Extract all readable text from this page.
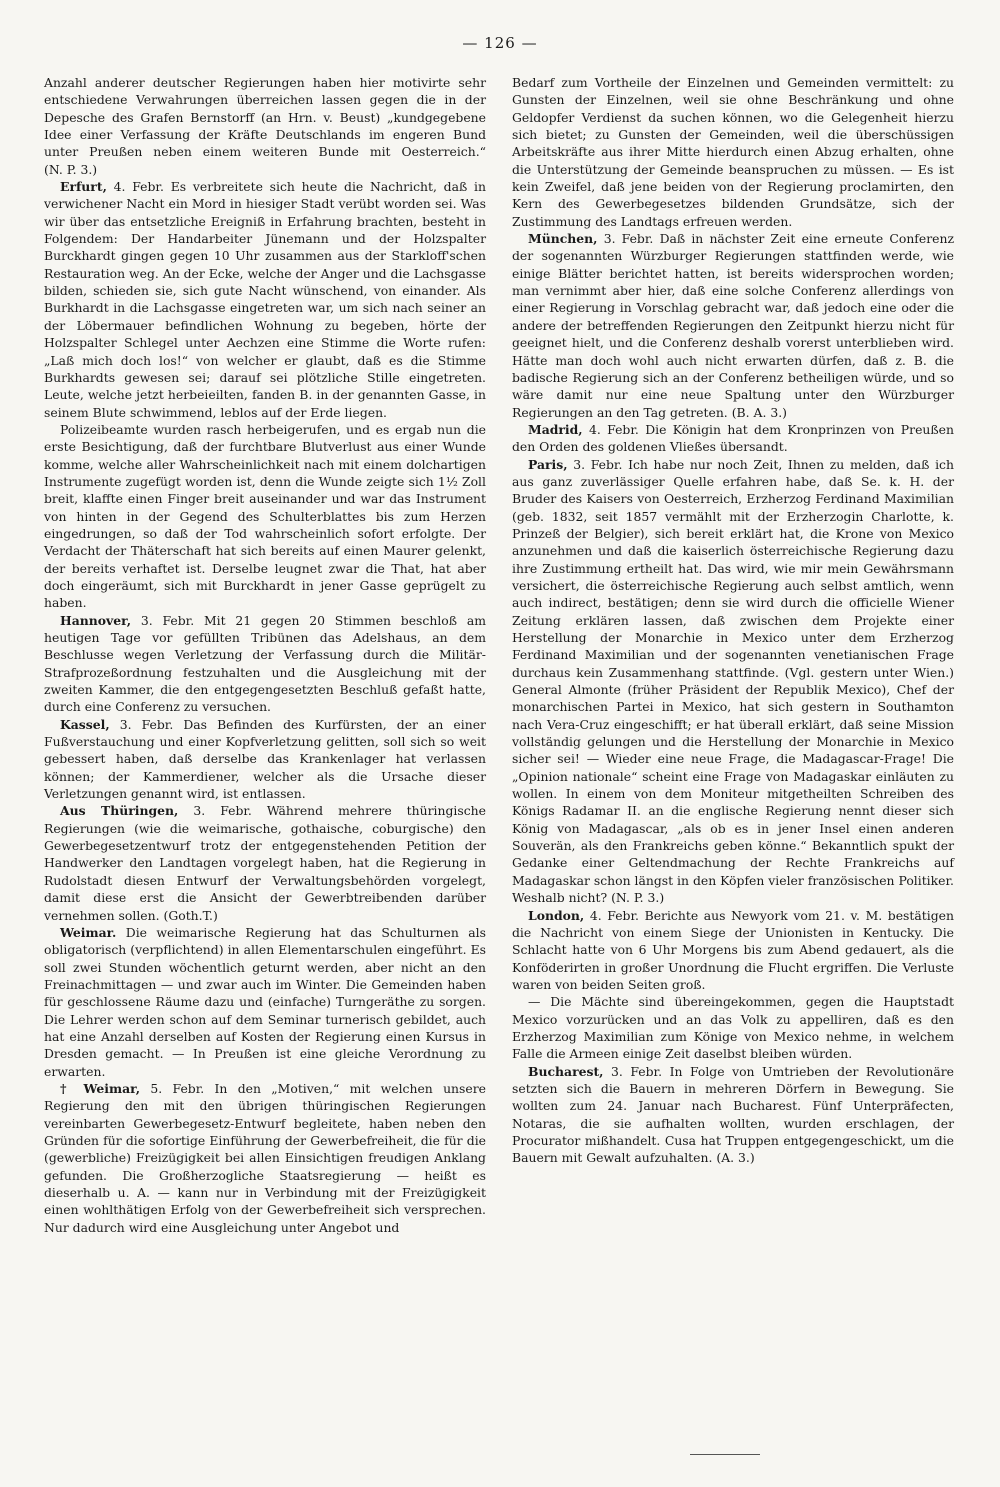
— 126 —

Anzahl anderer deutscher Regierungen haben hier motivirte sehr entschiedene Verwahrungen überreichen lassen gegen die in der Depesche des Grafen Bernstorff (an Hrn. v. Beust) „kundgegebene Idee einer Verfassung der Kräfte Deutschlands im engeren Bund unter Preußen neben einem weiteren Bunde mit Oesterreich.“ (N. P. 3.)

Erfurt, 4. Febr. Es verbreitete sich heute die Nachricht, daß in verwichener Nacht ein Mord in hiesiger Stadt verübt worden sei. Was wir über das entsetzliche Ereigniß in Erfahrung brachten, besteht in Folgendem: Der Handarbeiter Jünemann und der Holzspalter Burckhardt gingen gegen 10 Uhr zusammen aus der Starkloff'schen Restauration weg. An der Ecke, welche der Anger und die Lachsgasse bilden, schieden sie, sich gute Nacht wünschend, von einander. Als Burkhardt in die Lachsgasse eingetreten war, um sich nach seiner an der Löbermauer befindlichen Wohnung zu begeben, hörte der Holzspalter Schlegel unter Aechzen eine Stimme die Worte rufen: „Laß mich doch los!“ von welcher er glaubt, daß es die Stimme Burkhardts gewesen sei; darauf sei plötzliche Stille eingetreten. Leute, welche jetzt herbeieilten, fanden B. in der genannten Gasse, in seinem Blute schwimmend, leblos auf der Erde liegen.

Polizeibeamte wurden rasch herbeigerufen, und es ergab nun die erste Besichtigung, daß der furchtbare Blutverlust aus einer Wunde komme, welche aller Wahrscheinlichkeit nach mit einem dolchartigen Instrumente zugefügt worden ist, denn die Wunde zeigte sich 1½ Zoll breit, klaffte einen Finger breit auseinander und war das Instrument von hinten in der Gegend des Schulterblattes bis zum Herzen eingedrungen, so daß der Tod wahrscheinlich sofort erfolgte. Der Verdacht der Thäterschaft hat sich bereits auf einen Maurer gelenkt, der bereits verhaftet ist. Derselbe leugnet zwar die That, hat aber doch eingeräumt, sich mit Burckhardt in jener Gasse geprügelt zu haben.

Hannover, 3. Febr. Mit 21 gegen 20 Stimmen beschloß am heutigen Tage vor gefüllten Tribünen das Adelshaus, an dem Beschlusse wegen Verletzung der Verfassung durch die Militär-Strafprozeßordnung festzuhalten und die Ausgleichung mit der zweiten Kammer, die den entgegengesetzten Beschluß gefaßt hatte, durch eine Conferenz zu versuchen.

Kassel, 3. Febr. Das Befinden des Kurfürsten, der an einer Fußverstauchung und einer Kopfverletzung gelitten, soll sich so weit gebessert haben, daß derselbe das Krankenlager hat verlassen können; der Kammerdiener, welcher als die Ursache dieser Verletzungen genannt wird, ist entlassen.

Aus Thüringen, 3. Febr. Während mehrere thüringische Regierungen (wie die weimarische, gothaische, coburgische) den Gewerbegesetzentwurf trotz der entgegenstehenden Petition der Handwerker den Landtagen vorgelegt haben, hat die Regierung in Rudolstadt diesen Entwurf der Verwaltungsbehörden vorgelegt, damit diese erst die Ansicht der Gewerbtreibenden darüber vernehmen sollen. (Goth.T.)

Weimar. Die weimarische Regierung hat das Schulturnen als obligatorisch (verpflichtend) in allen Elementarschulen eingeführt. Es soll zwei Stunden wöchentlich geturnt werden, aber nicht an den Freinachmittagen — und zwar auch im Winter. Die Gemeinden haben für geschlossene Räume dazu und (einfache) Turngeräthe zu sorgen. Die Lehrer werden schon auf dem Seminar turnerisch gebildet, auch hat eine Anzahl derselben auf Kosten der Regierung einen Kursus in Dresden gemacht. — In Preußen ist eine gleiche Verordnung zu erwarten.

† Weimar, 5. Febr. In den „Motiven,“ mit welchen unsere Regierung den mit den übrigen thüringischen Regierungen vereinbarten Gewerbegesetz-Entwurf begleitete, haben neben den Gründen für die sofortige Einführung der Gewerbefreiheit, die für die (gewerbliche) Freizügigkeit bei allen Einsichtigen freudigen Anklang gefunden. Die Großherzogliche Staatsregierung — heißt es dieserhalb u. A. — kann nur in Verbindung mit der Freizügigkeit einen wohlthätigen Erfolg von der Gewerbefreiheit sich versprechen. Nur dadurch wird eine Ausgleichung unter Angebot und

Bedarf zum Vortheile der Einzelnen und Gemeinden vermittelt: zu Gunsten der Einzelnen, weil sie ohne Beschränkung und ohne Geldopfer Verdienst da suchen können, wo die Gelegenheit hierzu sich bietet; zu Gunsten der Gemeinden, weil die überschüssigen Arbeitskräfte aus ihrer Mitte hierdurch einen Abzug erhalten, ohne die Unterstützung der Gemeinde beanspruchen zu müssen. — Es ist kein Zweifel, daß jene beiden von der Regierung proclamirten, den Kern des Gewerbegesetzes bildenden Grundsätze, sich der Zustimmung des Landtags erfreuen werden.

München, 3. Febr. Daß in nächster Zeit eine erneute Conferenz der sogenannten Würzburger Regierungen stattfinden werde, wie einige Blätter berichtet hatten, ist bereits widersprochen worden; man vernimmt aber hier, daß eine solche Conferenz allerdings von einer Regierung in Vorschlag gebracht war, daß jedoch eine oder die andere der betreffenden Regierungen den Zeitpunkt hierzu nicht für geeignet hielt, und die Conferenz deshalb vorerst unterblieben wird. Hätte man doch wohl auch nicht erwarten dürfen, daß z. B. die badische Regierung sich an der Conferenz betheiligen würde, und so wäre damit nur eine neue Spaltung unter den Würzburger Regierungen an den Tag getreten. (B. A. 3.)

Madrid, 4. Febr. Die Königin hat dem Kronprinzen von Preußen den Orden des goldenen Vließes übersandt.

Paris, 3. Febr. Ich habe nur noch Zeit, Ihnen zu melden, daß ich aus ganz zuverlässiger Quelle erfahren habe, daß Se. k. H. der Bruder des Kaisers von Oesterreich, Erzherzog Ferdinand Maximilian (geb. 1832, seit 1857 vermählt mit der Erzherzogin Charlotte, k. Prinzeß der Belgier), sich bereit erklärt hat, die Krone von Mexico anzunehmen und daß die kaiserlich österreichische Regierung dazu ihre Zustimmung ertheilt hat. Das wird, wie mir mein Gewährsmann versichert, die österreichische Regierung auch selbst amtlich, wenn auch indirect, bestätigen; denn sie wird durch die officielle Wiener Zeitung erklären lassen, daß zwischen dem Projekte einer Herstellung der Monarchie in Mexico unter dem Erzherzog Ferdinand Maximilian und der sogenannten venetianischen Frage durchaus kein Zusammenhang stattfinde. (Vgl. gestern unter Wien.) General Almonte (früher Präsident der Republik Mexico), Chef der monarchischen Partei in Mexico, hat sich gestern in Southamton nach Vera-Cruz eingeschifft; er hat überall erklärt, daß seine Mission vollständig gelungen und die Herstellung der Monarchie in Mexico sicher sei! — Wieder eine neue Frage, die Madagascar-Frage! Die „Opinion nationale“ scheint eine Frage von Madagaskar einläuten zu wollen. In einem von dem Moniteur mitgetheilten Schreiben des Königs Radamar II. an die englische Regierung nennt dieser sich König von Madagascar, „als ob es in jener Insel einen anderen Souverän, als den Frankreichs geben könne.“ Bekanntlich spukt der Gedanke einer Geltendmachung der Rechte Frankreichs auf Madagaskar schon längst in den Köpfen vieler französischen Politiker. Weshalb nicht? (N. P. 3.)

London, 4. Febr. Berichte aus Newyork vom 21. v. M. bestätigen die Nachricht von einem Siege der Unionisten in Kentucky. Die Schlacht hatte von 6 Uhr Morgens bis zum Abend gedauert, als die Konföderirten in großer Unordnung die Flucht ergriffen. Die Verluste waren von beiden Seiten groß.

— Die Mächte sind übereingekommen, gegen die Hauptstadt Mexico vorzurücken und an das Volk zu appelliren, daß es den Erzherzog Maximilian zum Könige von Mexico nehme, in welchem Falle die Armeen einige Zeit daselbst bleiben würden.

Bucharest, 3. Febr. In Folge von Umtrieben der Revolutionäre setzten sich die Bauern in mehreren Dörfern in Bewegung. Sie wollten zum 24. Januar nach Bucharest. Fünf Unterpräfecten, Notaras, die sie aufhalten wollten, wurden erschlagen, der Procurator mißhandelt. Cusa hat Truppen entgegengeschickt, um die Bauern mit Gewalt aufzuhalten. (A. 3.)
